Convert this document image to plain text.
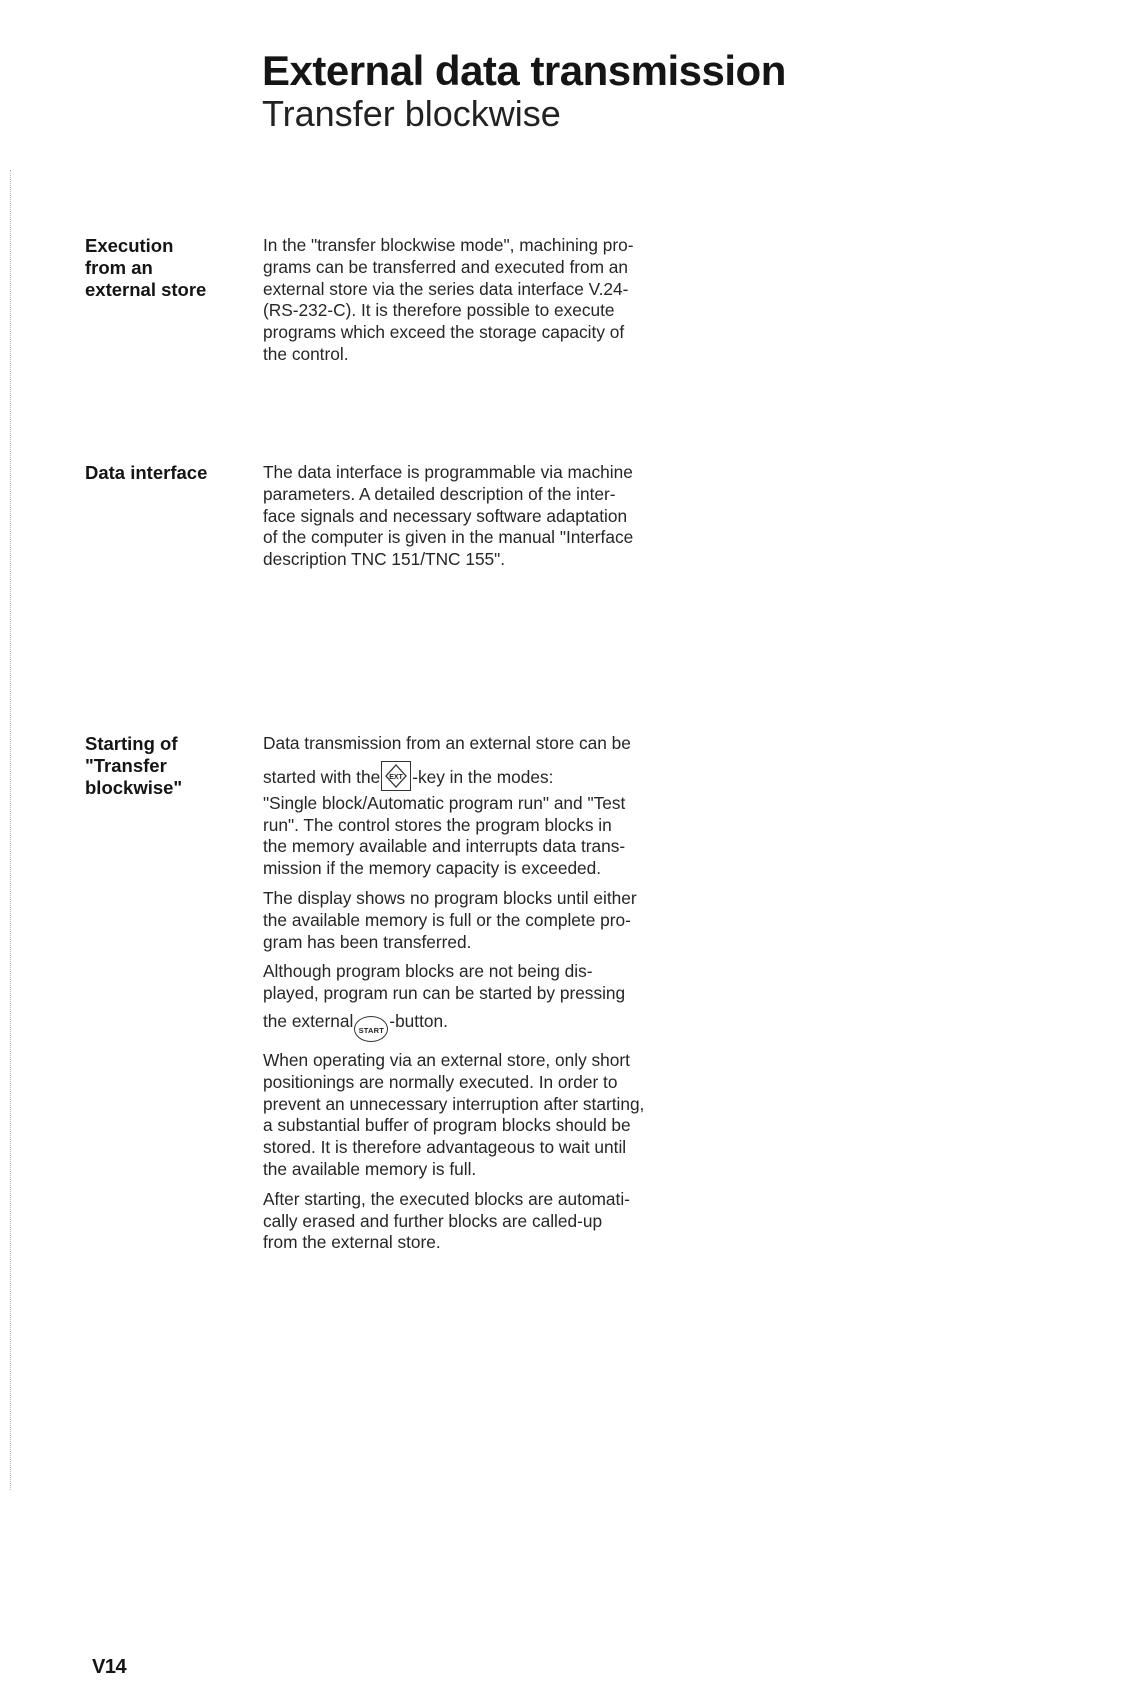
External data transmission
Transfer blockwise
Execution
from an
external store

In the "transfer blockwise mode", machining pro-
grams can be transferred and executed from an
external store via the series data interface V.24-
(RS-232-C). It is therefore possible to execute
programs which exceed the storage capacity of
the control.

Data interface	The data interface is programmable via machine
parameters. A detailed description of the inter-
face signals and necessary software adaptation
of the computer is given in the manual "Interface
description TNC 151/TNC 155".

Starting of
"Transfer
blockwise"

Data transmission from an external store can be
started with the EXT -key in the modes:
"Single block/Automatic program run" and "Test
run". The control stores the program blocks in
the memory available and interrupts data trans-
mission if the memory capacity is exceeded.

The display shows no program blocks until either
the available memory is full or the complete pro-
gram has been transferred.

Although program blocks are not being dis-
played, program run can be started by pressing
the external START -button.

When operating via an external store, only short
positionings are normally executed. In order to
prevent an unnecessary interruption after starting,
a substantial buffer of program blocks should be
stored. It is therefore advantageous to wait until
the available memory is full.

After starting, the executed blocks are automati-
cally erased and further blocks are called-up
from the external store.

V14
